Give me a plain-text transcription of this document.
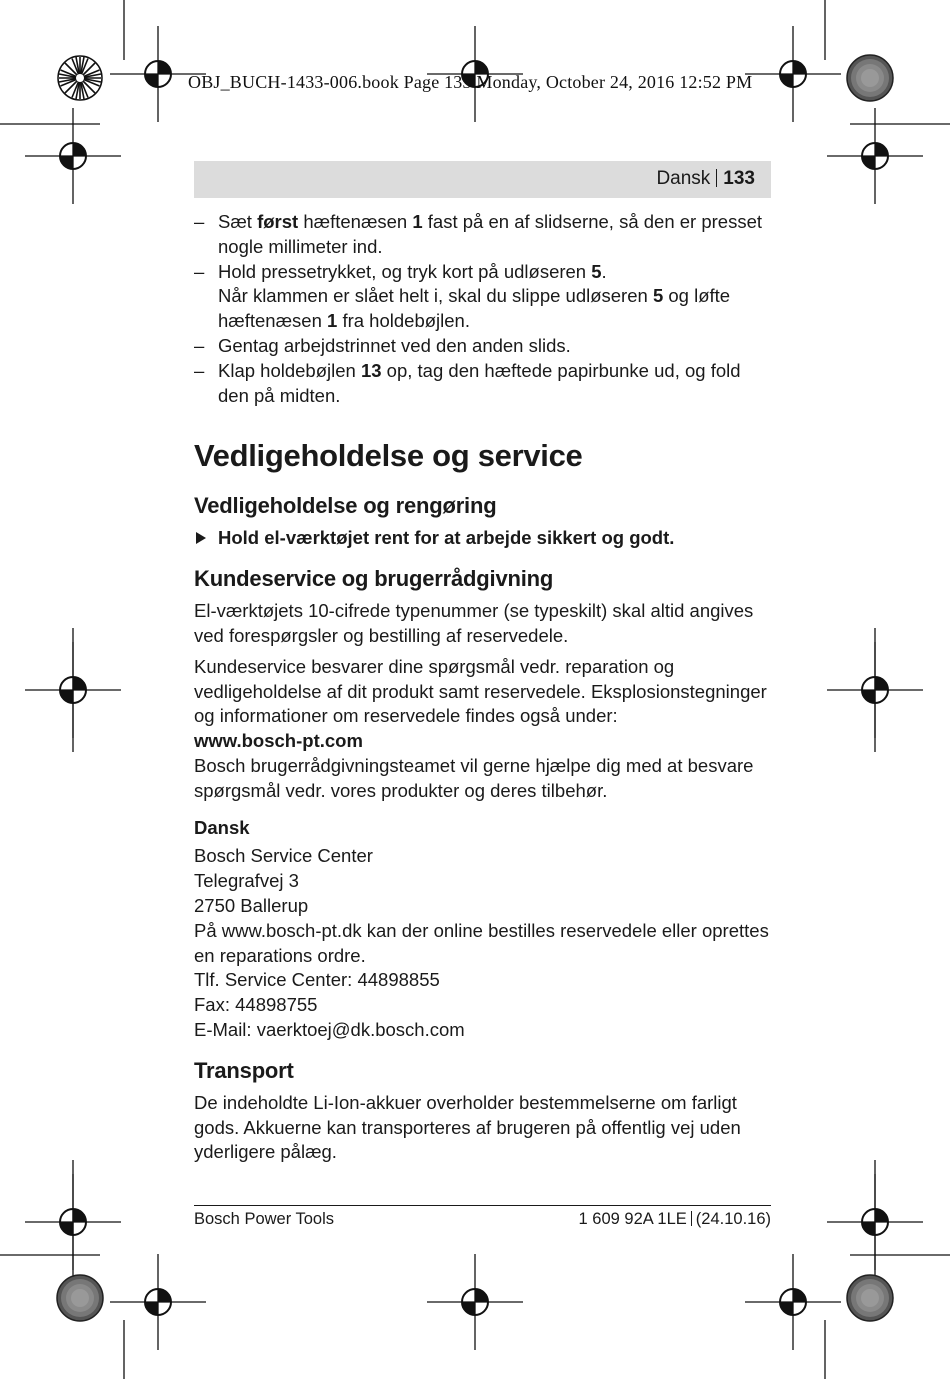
OBJ_BUCH-1433-006.book Page 133 Monday, October 24, 2016 12:52 PM
Dansk 133

– Sæt først hæftenæsen 1 fast på en af slidserne, så den er presset nogle millimeter ind.

– Hold pressetrykket, og tryk kort på udløseren 5.

Når klammen er slået helt i, skal du slippe udløseren 5 og løfte hæftenæsen 1 fra holdebøjlen.

– Gentag arbejdstrinnet ved den anden slids.

– Klap holdebøjlen 13 op, tag den hæftede papirbunke ud, og fold den på midten.

Vedligeholdelse og service
Vedligeholdelse og rengøring

Hold el-værktøjet rent for at arbejde sikkert og godt.

Kundeservice og brugerrådgivning

El-værktøjets 10-cifrede typenummer (se typeskilt) skal altid angives ved forespørgsler og bestilling af reservedele.

Kundeservice besvarer dine spørgsmål vedr. reparation og vedligeholdelse af dit produkt samt reservedele. Eksplosionstegninger og informationer om reservedele findes også under:

www.bosch-pt.com

Bosch brugerrådgivningsteamet vil gerne hjælpe dig med at besvare spørgsmål vedr. vores produkter og deres tilbehør.

Dansk

Bosch Service Center

Telegrafvej 3

2750 Ballerup

På www.bosch-pt.dk kan der online bestilles reservedele eller oprettes en reparations ordre.

Tlf. Service Center: 44898855

Fax: 44898755

E-Mail: vaerktoej@dk.bosch.com

Transport

De indeholdte Li-Ion-akkuer overholder bestemmelserne om farligt gods. Akkuerne kan transporteres af brugeren på offentlig vej uden yderligere pålæg.

Bosch Power Tools	1 609 92A 1LE (24.10.16)
